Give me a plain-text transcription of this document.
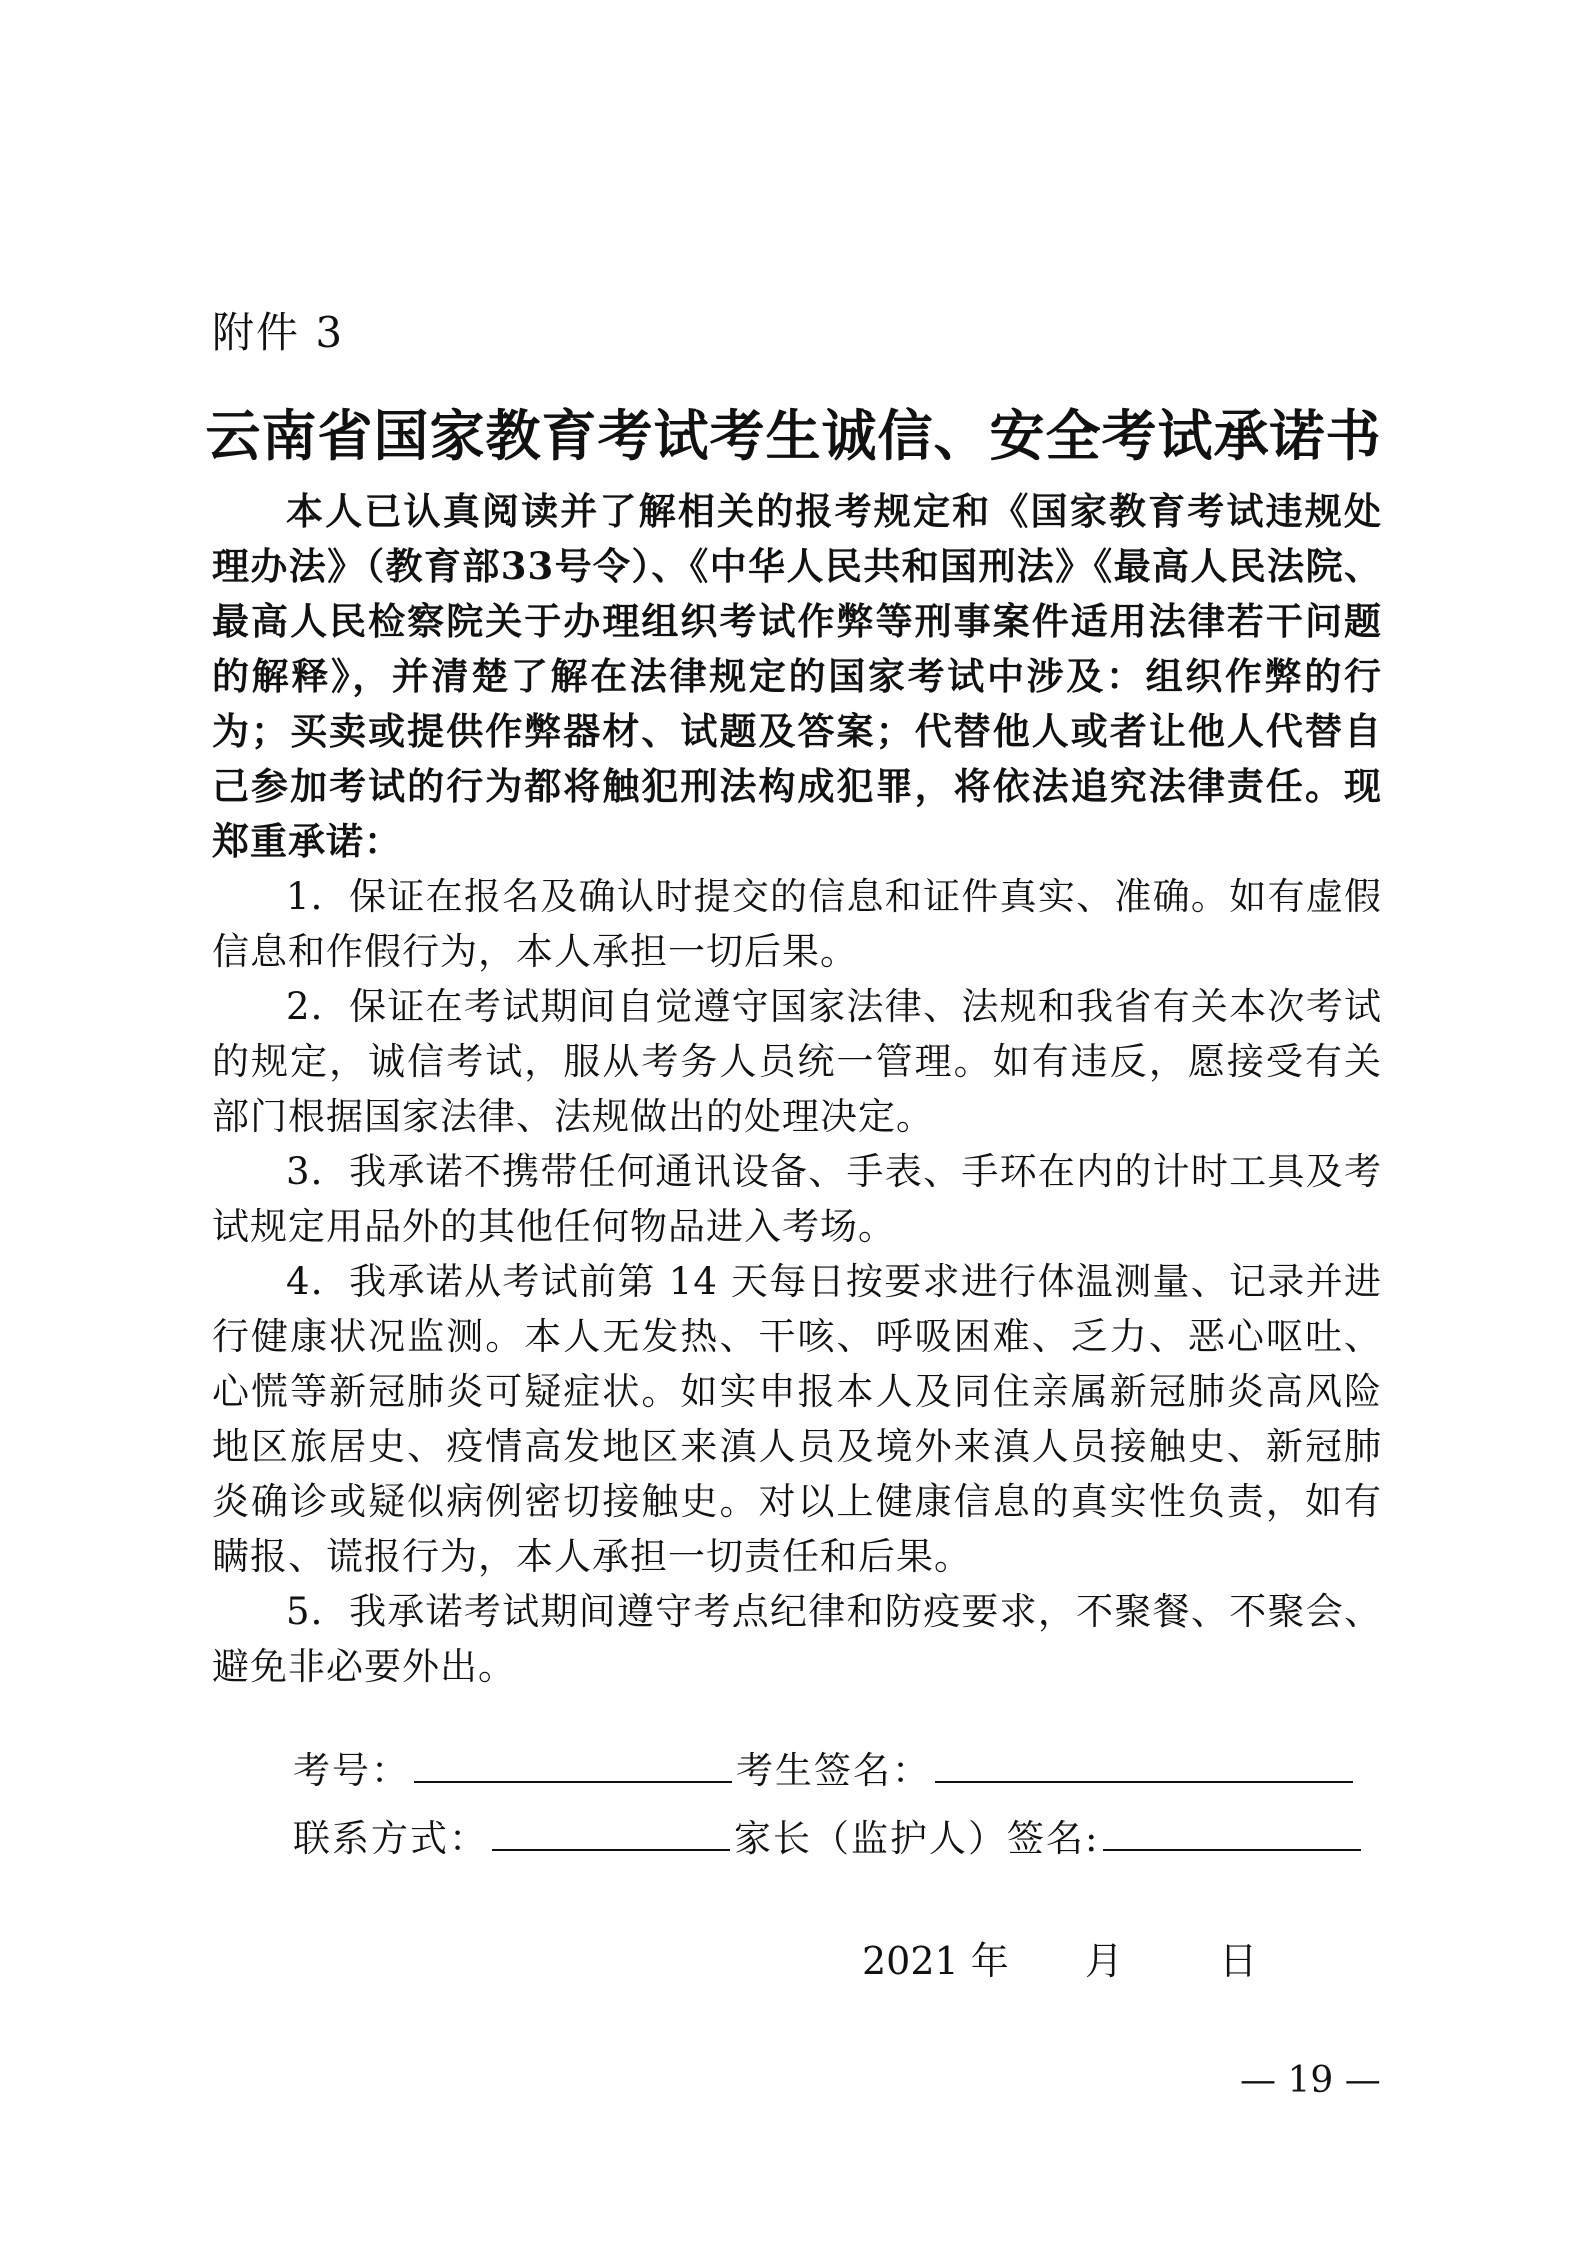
附件 3
云南省国家教育考试考生诚信、安全考试承诺书

本人已认真阅读并了解相关的报考规定和《国家教育考试违规处理办法》（教育部33号令）、《中华人民共和国刑法》《最高人民法院、最高人民检察院关于办理组织考试作弊等刑事案件适用法律若干问题的解释》，并清楚了解在法律规定的国家考试中涉及：组织作弊的行为；买卖或提供作弊器材、试题及答案；代替他人或者让他人代替自己参加考试的行为都将触犯刑法构成犯罪，将依法追究法律责任。现郑重承诺：

1．保证在报名及确认时提交的信息和证件真实、准确。如有虚假信息和作假行为，本人承担一切后果。

2．保证在考试期间自觉遵守国家法律、法规和我省有关本次考试的规定，诚信考试，服从考务人员统一管理。如有违反，愿接受有关部门根据国家法律、法规做出的处理决定。

3．我承诺不携带任何通讯设备、手表、手环在内的计时工具及考试规定用品外的其他任何物品进入考场。

4．我承诺从考试前第 14 天每日按要求进行体温测量、记录并进行健康状况监测。本人无发热、干咳、呼吸困难、乏力、恶心呕吐、心慌等新冠肺炎可疑症状。如实申报本人及同住亲属新冠肺炎高风险地区旅居史、疫情高发地区来滇人员及境外来滇人员接触史、新冠肺炎确诊或疑似病例密切接触史。对以上健康信息的真实性负责，如有瞒报、谎报行为，本人承担一切责任和后果。

5．我承诺考试期间遵守考点纪律和防疫要求，不聚餐、不聚会、避免非必要外出。

考号：	考生签名：
联系方式：	家长（监护人）签名:
2021 年 月	日
— 19 —
